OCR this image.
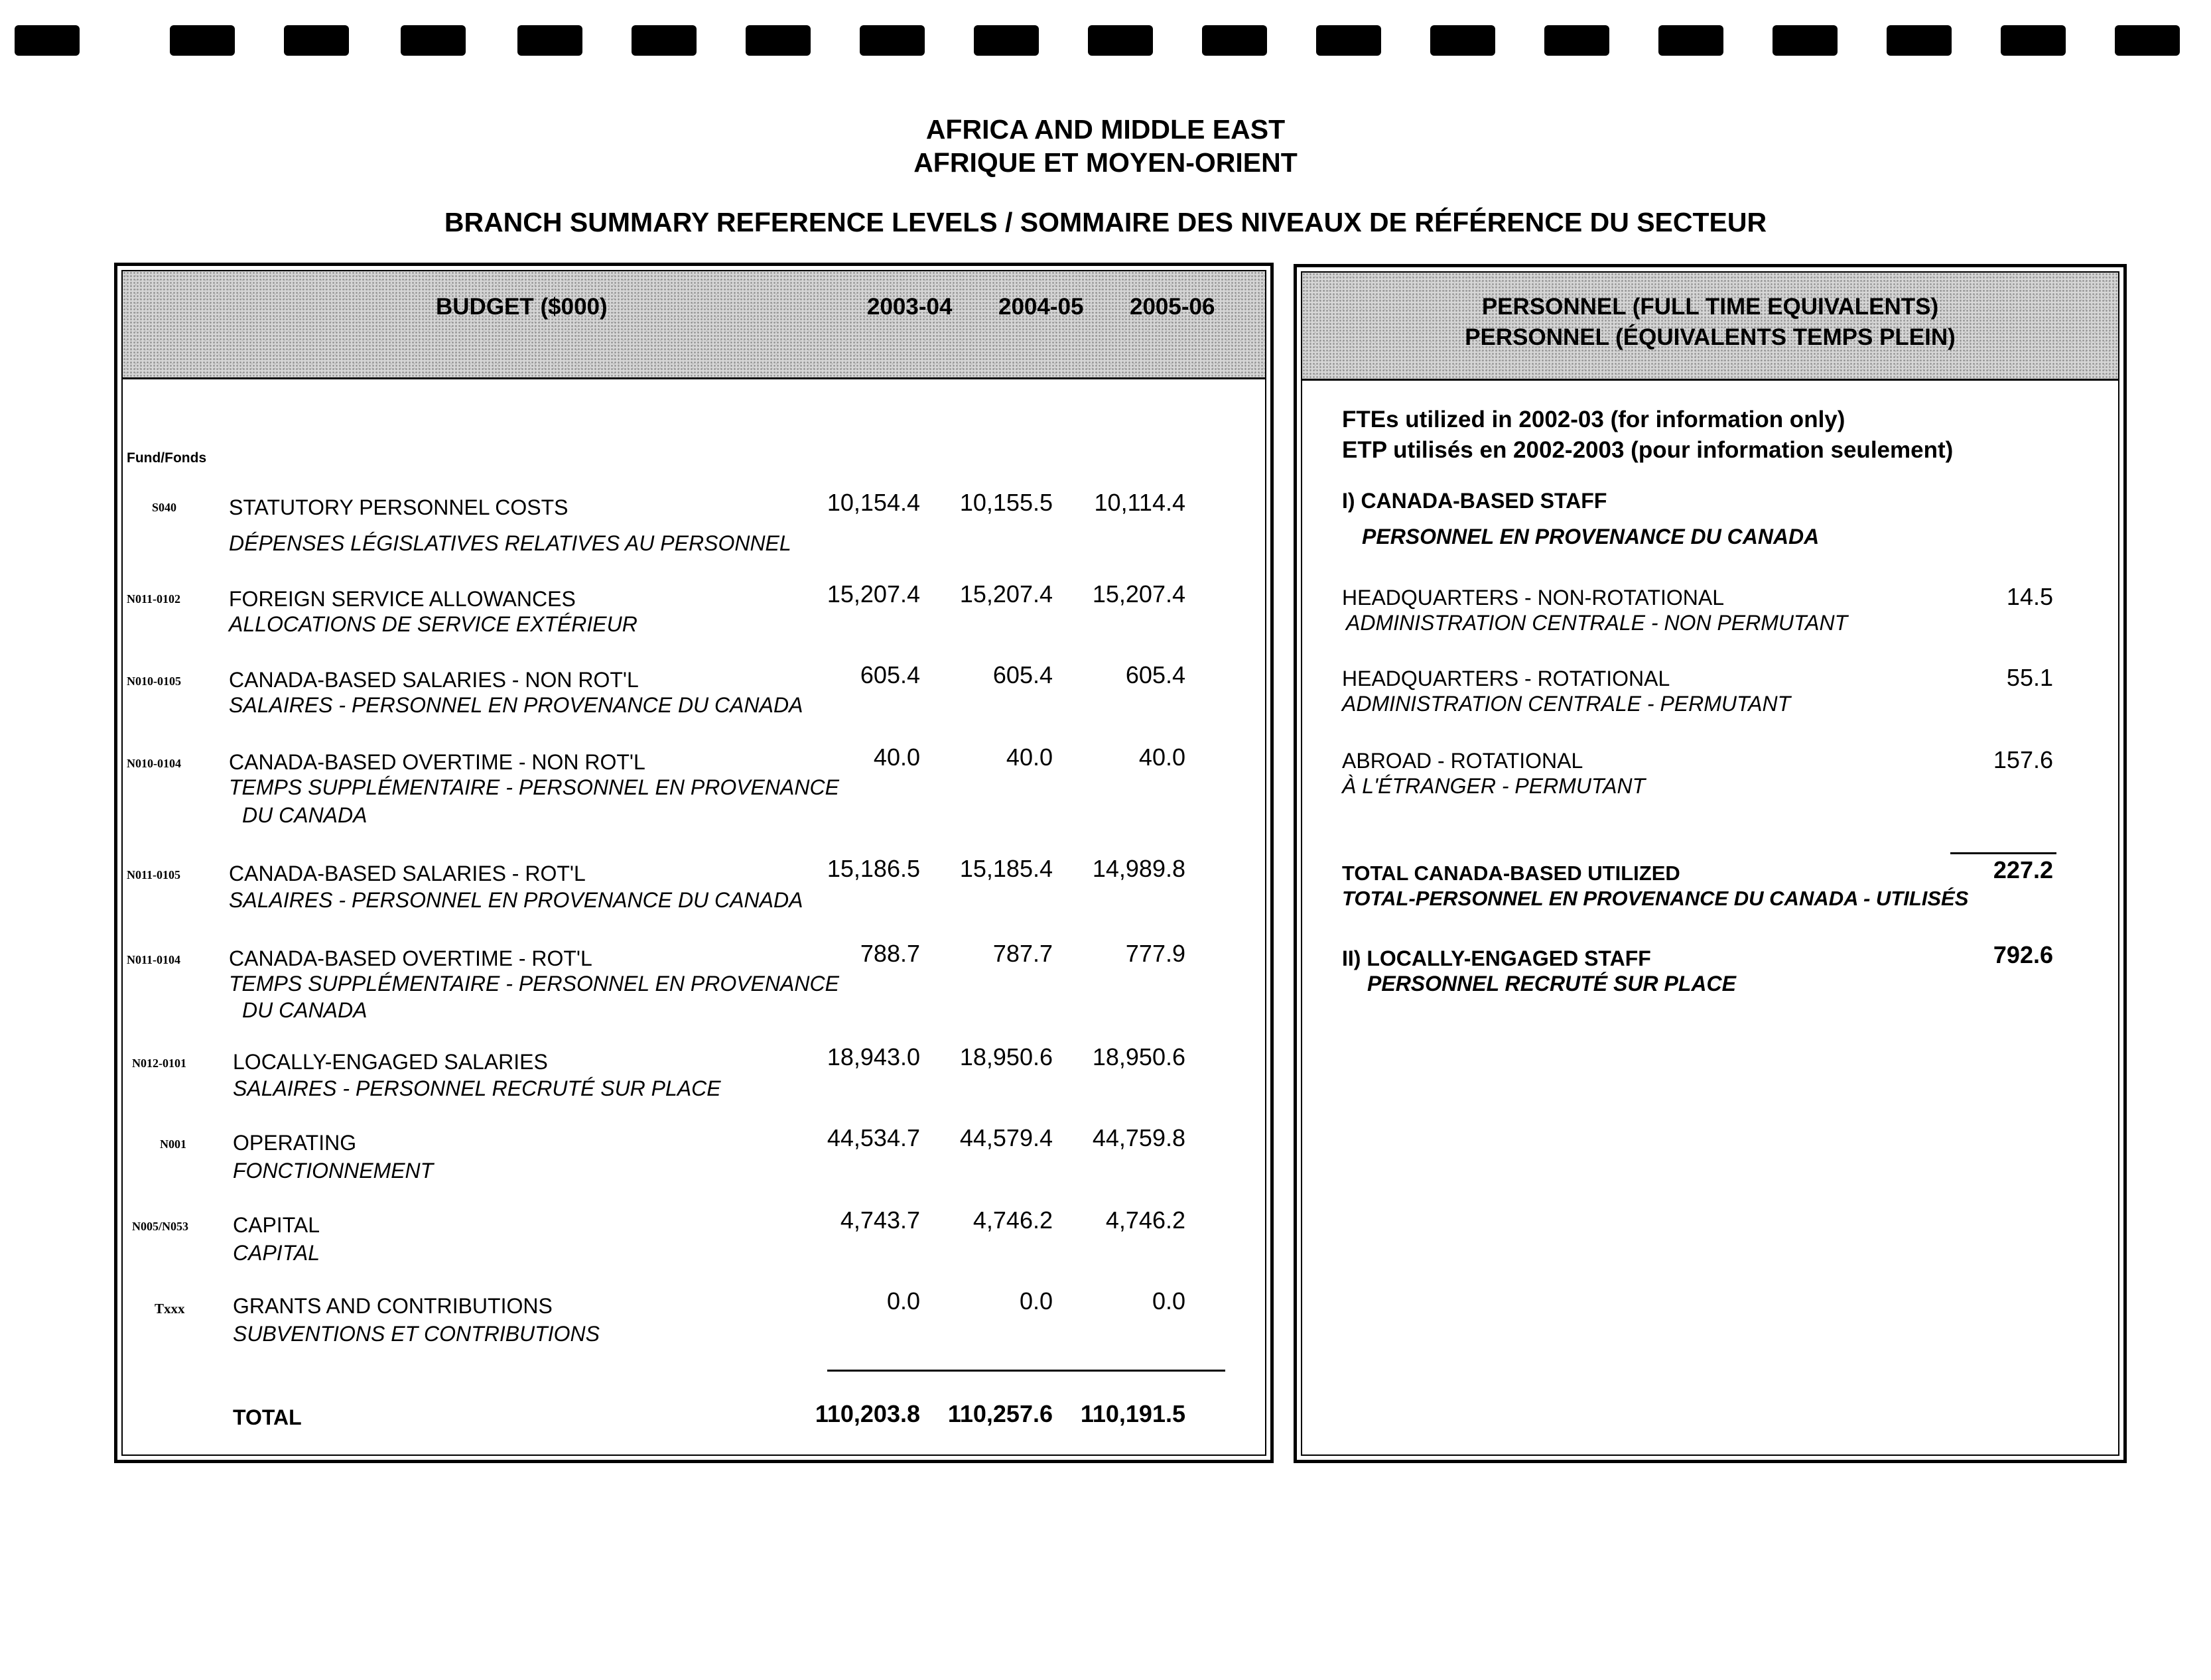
AFRICA AND MIDDLE EAST
AFRIQUE ET MOYEN-ORIENT
BRANCH SUMMARY REFERENCE LEVELS / SOMMAIRE DES NIVEAUX DE RÉFÉRENCE DU SECTEUR
BUDGET ($000)	2003-04 2004-05 2005-06
Fund/Fonds
S040 STATUTORY PERSONNEL COSTS
DÉPENSES LÉGISLATIVES RELATIVES AU PERSONNEL
10,154.4	10,155.5	10,114.4
N011-0102 FOREIGN SERVICE ALLOWANCES
ALLOCATIONS DE SERVICE EXTÉRIEUR
15,207.4	15,207.4	15,207.4
N010-0105 CANADA-BASED SALARIES - NON ROT'L
SALAIRES - PERSONNEL EN PROVENANCE DU CANADA
605.4	605.4	605.4
N010-0104 CANADA-BASED OVERTIME - NON ROT'L
TEMPS SUPPLÉMENTAIRE - PERSONNEL EN PROVENANCE
DU CANADA
40.0	40.0	40.0
N011-0105 CANADA-BASED SALARIES - ROT'L
SALAIRES - PERSONNEL EN PROVENANCE DU CANADA
15,186.5	15,185.4	14,989.8
N011-0104 CANADA-BASED OVERTIME - ROT'L
TEMPS SUPPLÉMENTAIRE - PERSONNEL EN PROVENANCE
DU CANADA
788.7	787.7	777.9
N012-0101 LOCALLY-ENGAGED SALARIES
SALAIRES - PERSONNEL RECRUTÉ SUR PLACE
18,943.0	18,950.6	18,950.6
N001 OPERATING
FONCTIONNEMENT
44,534.7	44,579.4	44,759.8
N005/N053 CAPITAL
CAPITAL
4,743.7	4,746.2	4,746.2
Txxx GRANTS AND CONTRIBUTIONS
SUBVENTIONS ET CONTRIBUTIONS
0.0	0.0	0.0
TOTAL	110,203.8	110,257.6	110,191.5
PERSONNEL (FULL TIME EQUIVALENTS)
PERSONNEL (ÉQUIVALENTS TEMPS PLEIN)
FTEs utilized in 2002-03 (for information only)
ETP utilisés en 2002-2003 (pour information seulement)
I) CANADA-BASED STAFF
PERSONNEL EN PROVENANCE DU CANADA
HEADQUARTERS - NON-ROTATIONAL
ADMINISTRATION CENTRALE - NON PERMUTANT
14.5
HEADQUARTERS - ROTATIONAL
ADMINISTRATION CENTRALE - PERMUTANT
55.1
ABROAD - ROTATIONAL
À L'ÉTRANGER - PERMUTANT
157.6
TOTAL CANADA-BASED UTILIZED
TOTAL-PERSONNEL EN PROVENANCE DU CANADA - UTILISÉS
227.2
II) LOCALLY-ENGAGED STAFF
PERSONNEL RECRUTÉ SUR PLACE
792.6
